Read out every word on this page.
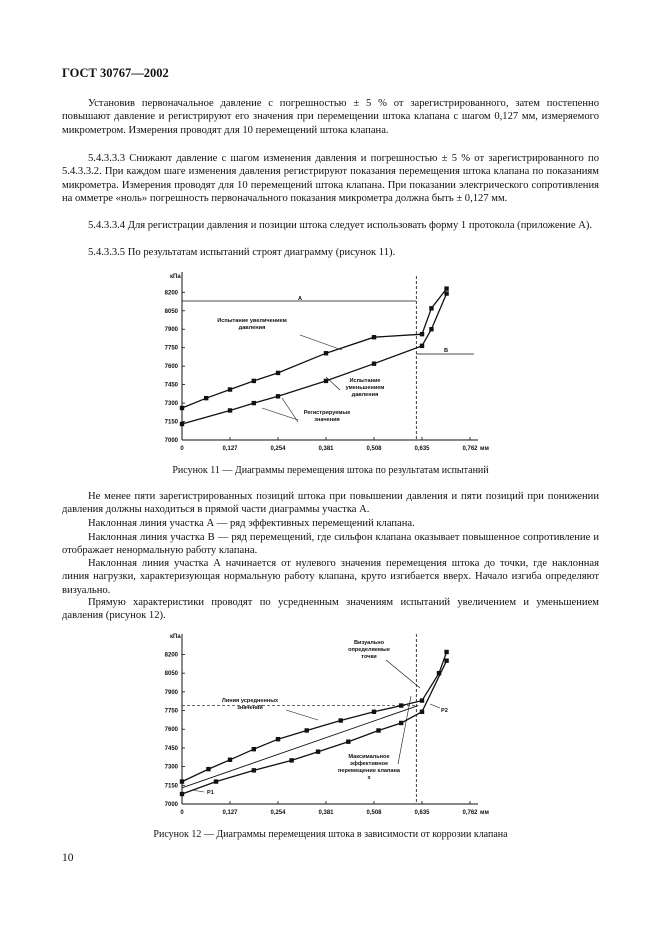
ГОСТ 30767—2002

Установив первоначальное давление с погрешностью ± 5 % от зарегистрированного, затем постепенно повышают давление и регистрируют его значения при перемещении штока клапана с шагом 0,127 мм, измеряемого микрометром. Измерения проводят для 10 перемещений штока клапана.

5.4.3.3.3 Снижают давление с шагом изменения давления и погрешностью ± 5 % от зарегистрированного по 5.4.3.3.2. При каждом шаге изменения давления регистрируют показания перемещения штока клапана по показаниям микрометра. Измерения проводят для 10 перемещений штока клапана. При показании электрического сопротивления на омметре «ноль» погрешность первоначального показания микрометра должна быть ± 0,127 мм.

5.4.3.3.4 Для регистрации давления и позиции штока следует использовать форму 1 протокола (приложение А).

5.4.3.3.5 По результатам испытаний строят диаграмму (рисунок 11).

кПа
7000
7150
7300
7450
7600
7750
7900
8050
8200
0	0,127	0,254	0,381	0,508	0,635	0,762 мм
А
В
Испытание увеличением давления
Испытание уменьшением давления
Регистрируемые значения
Рисунок 11 — Диаграммы перемещения штока по результатам испытаний

Не менее пяти зарегистрированных позиций штока при повышении давления и пяти позиций при понижении давления должны находиться в прямой части диаграммы участка А.

Наклонная линия участка А — ряд эффективных перемещений клапана.

Наклонная линия участка В — ряд перемещений, где сильфон клапана оказывает повышенное сопротивление и отображает ненормальную работу клапана.

Наклонная линия участка А начинается от нулевого значения перемещения штока до точки, где наклонная линия нагрузки, характеризующая нормальную работу клапана, круто изгибается вверх. Начало изгиба определяют визуально.

Прямую характеристики проводят по усредненным значениям испытаний увеличением и уменьшением давления (рисунок 12).

кПа
7000
7150
7300
7450
7600
7750
7900
8050
8200
0	0,127	0,254	0,381	0,508	0,635	0,762 мм
Визуально определяемые точки
Линия усредненных значений
Максимальное эффективное перемещение клапана х
P2
P1
Рисунок 12 — Диаграммы перемещения штока в зависимости от коррозии клапана
10
